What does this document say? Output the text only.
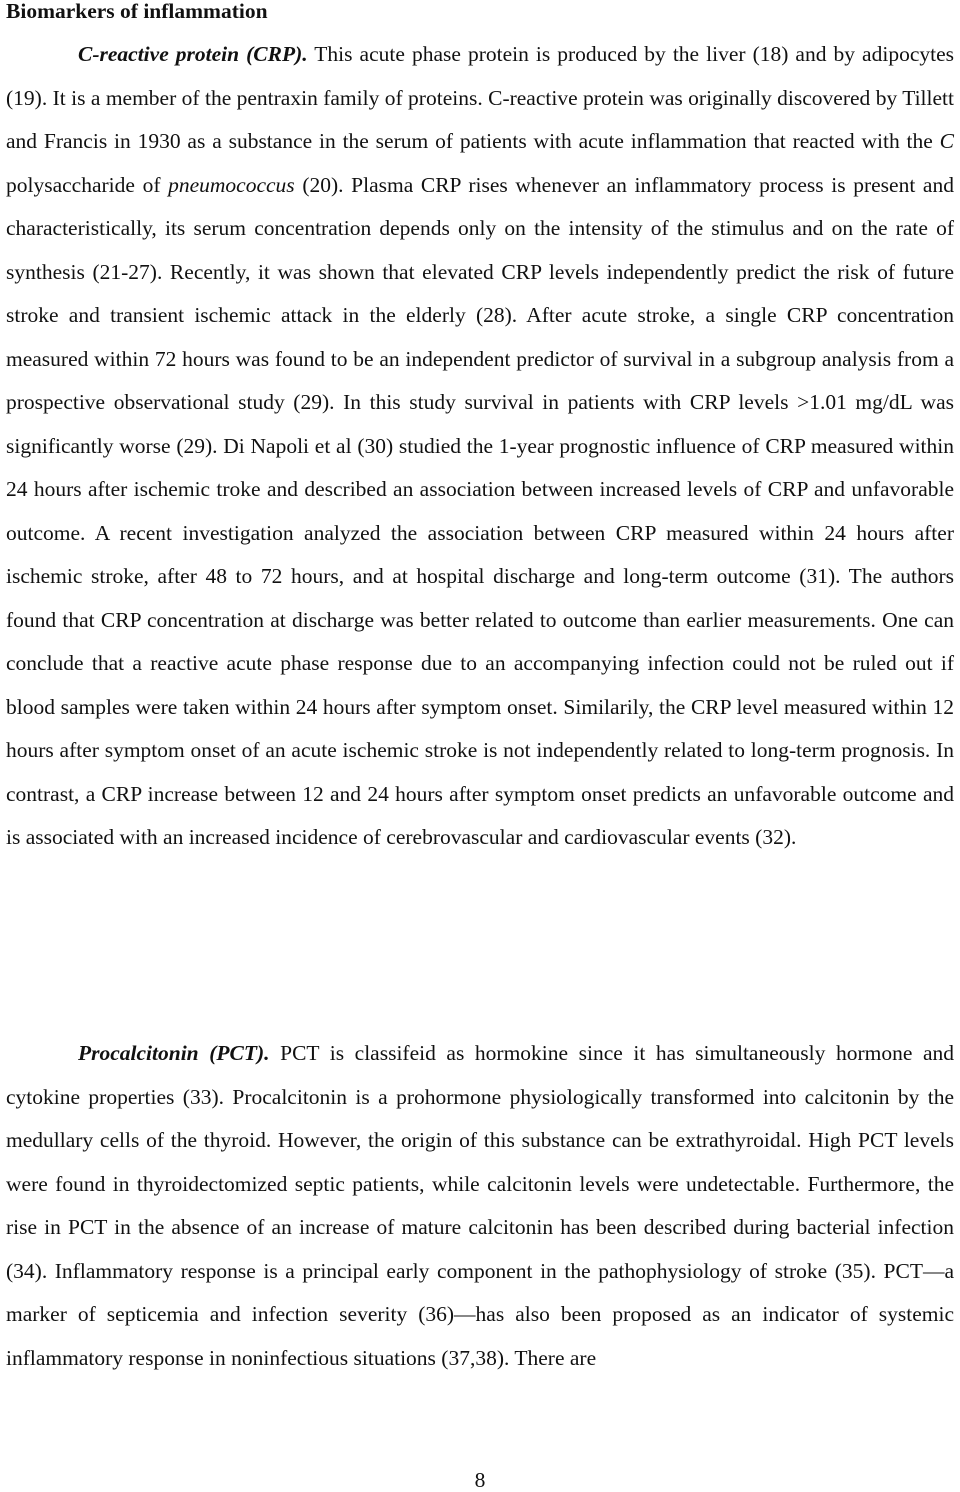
Biomarkers of inflammation

C-reactive protein (CRP). This acute phase protein is produced by the liver (18) and by adipocytes (19). It is a member of the pentraxin family of proteins. C-reactive protein was originally discovered by Tillett and Francis in 1930 as a substance in the serum of patients with acute inflammation that reacted with the C polysaccharide of pneumococcus (20). Plasma CRP rises whenever an inflammatory process is present and characteristically, its serum concentration depends only on the intensity of the stimulus and on the rate of synthesis (21-27). Recently, it was shown that elevated CRP levels independently predict the risk of future stroke and transient ischemic attack in the elderly (28). After acute stroke, a single CRP concentration measured within 72 hours was found to be an independent predictor of survival in a subgroup analysis from a prospective observational study (29). In this study survival in patients with CRP levels >1.01 mg/dL was significantly worse (29). Di Napoli et al (30) studied the 1-year prognostic influence of CRP measured within 24 hours after ischemic troke and described an association between increased levels of CRP and unfavorable outcome. A recent investigation analyzed the association between CRP measured within 24 hours after ischemic stroke, after 48 to 72 hours, and at hospital discharge and long-term outcome (31). The authors found that CRP concentration at discharge was better related to outcome than earlier measurements. One can conclude that a reactive acute phase response due to an accompanying infection could not be ruled out if blood samples were taken within 24 hours after symptom onset. Similarily, the CRP level measured within 12 hours after symptom onset of an acute ischemic stroke is not independently related to long-term prognosis. In contrast, a CRP increase between 12 and 24 hours after symptom onset predicts an unfavorable outcome and is associated with an increased incidence of cerebrovascular and cardiovascular events (32).

Procalcitonin (PCT). PCT is classifeid as hormokine since it has simultaneously hormone and cytokine properties (33). Procalcitonin is a prohormone physiologically transformed into calcitonin by the medullary cells of the thyroid. However, the origin of this substance can be extrathyroidal. High PCT levels were found in thyroidectomized septic patients, while calcitonin levels were undetectable. Furthermore, the rise in PCT in the absence of an increase of mature calcitonin has been described during bacterial infection (34). Inflammatory response is a principal early component in the pathophysiology of stroke (35). PCT—a marker of septicemia and infection severity (36)—has also been proposed as an indicator of systemic inflammatory response in noninfectious situations (37,38). There are

8
